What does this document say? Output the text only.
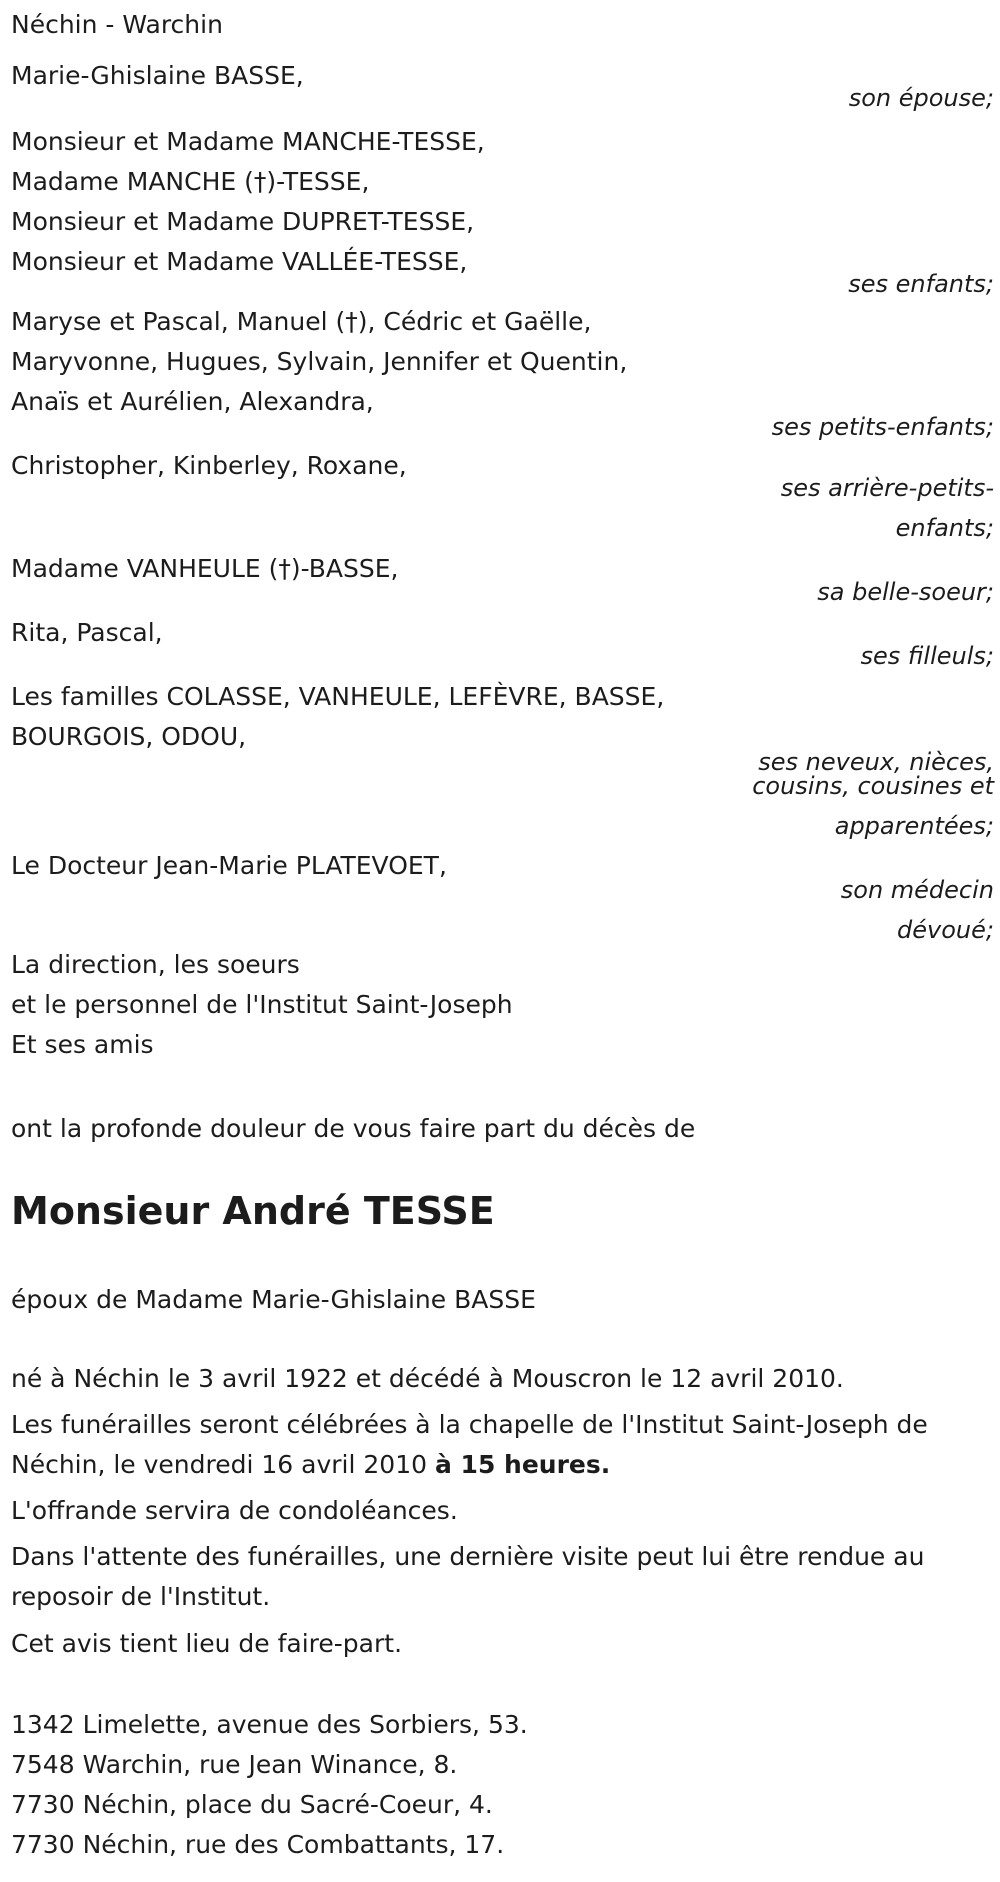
Néchin - Warchin
Marie-Ghislaine BASSE,
son épouse;
Monsieur et Madame MANCHE-TESSE,
Madame MANCHE (†)-TESSE,
Monsieur et Madame DUPRET-TESSE,
Monsieur et Madame VALLÉE-TESSE,
ses enfants;
Maryse et Pascal, Manuel (†), Cédric et Gaëlle,
Maryvonne, Hugues, Sylvain, Jennifer et Quentin,
Anaïs et Aurélien, Alexandra,
ses petits-enfants;
Christopher, Kinberley, Roxane,
ses arrière-petits-
enfants;
Madame VANHEULE (†)-BASSE,
sa belle-soeur;
Rita, Pascal,
ses filleuls;
Les familles COLASSE, VANHEULE, LEFÈVRE, BASSE,
BOURGOIS, ODOU,
ses neveux, nièces,
cousins, cousines et
apparentées;
Le Docteur Jean-Marie PLATEVOET,
son médecin
dévoué;
La direction, les soeurs
et le personnel de l'Institut Saint-Joseph
Et ses amis
ont la profonde douleur de vous faire part du décès de
Monsieur André TESSE
époux de Madame Marie-Ghislaine BASSE
né à Néchin le 3 avril 1922 et décédé à Mouscron le 12 avril 2010.
Les funérailles seront célébrées à la chapelle de l'Institut Saint-Joseph de Néchin, le vendredi 16 avril 2010 à 15 heures.
L'offrande servira de condoléances.
Dans l'attente des funérailles, une dernière visite peut lui être rendue au reposoir de l'Institut.
Cet avis tient lieu de faire-part.
1342 Limelette, avenue des Sorbiers, 53.
7548 Warchin, rue Jean Winance, 8.
7730 Néchin, place du Sacré-Coeur, 4.
7730 Néchin, rue des Combattants, 17.
